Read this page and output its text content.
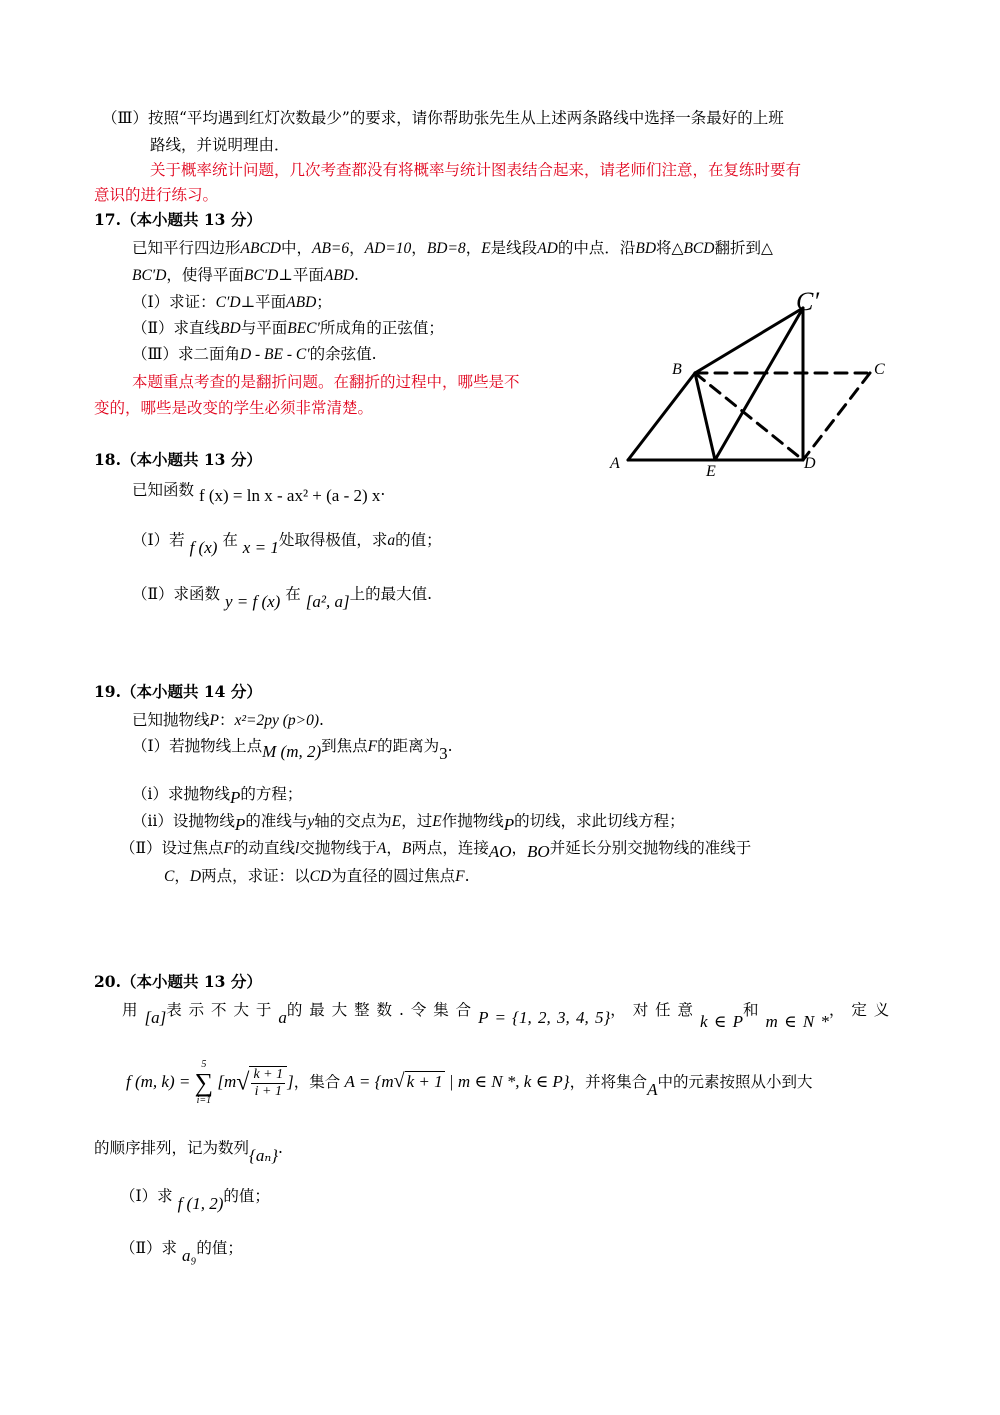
（Ⅲ）按照“平均遇到红灯次数最少”的要求，请你帮助张先生从上述两条路线中选择一条最好的上班
路线，并说明理由．
关于概率统计问题，几次考查都没有将概率与统计图表结合起来，请老师们注意，在复练时要有
意识的进行练习。
17.（本小题共 13 分）
已知平行四边形ABCD中，AB=6，AD=10，BD=8，E是线段AD的中点．沿BD将△BCD翻折到△
BC′D，使得平面BC′D⊥平面ABD.
（Ⅰ）求证：C′D⊥平面ABD；
（Ⅱ）求直线BD与平面BEC′所成角的正弦值；
（Ⅲ）求二面角D - BE - C′的余弦值.
本题重点考查的是翻折问题。在翻折的过程中，哪些是不
变的，哪些是改变的学生必须非常清楚。
A
B	C
C′
D
E
18.（本小题共 13 分）
已知函数 f (x) = ln x - ax² + (a - 2) x.
（Ⅰ）若 f (x) 在 x = 1处取得极值，求a的值；
（Ⅱ）求函数 y = f (x) 在 [a², a]上的最大值.
19.（本小题共 14 分）
已知抛物线P：x²=2py (p>0).
（Ⅰ）若抛物线上点M (m, 2)到焦点F的距离为3.
（ⅰ）求抛物线P的方程；
（ⅱ）设抛物线P的准线与y轴的交点为E，过E作抛物线P的切线，求此切线方程；
（Ⅱ）设过焦点F的动直线l交抛物线于A，B两点，连接AO，BO并延长分别交抛物线的准线于
C，D两点，求证：以CD为直径的圆过焦点F.
20.（本小题共 13 分）
用 [a]表 示 不 大 于 a的 最 大 整 数 . 令 集 合 P = {1, 2, 3, 4, 5}， 对 任 意 k ∈ P和 m ∈ N *， 定 义
f (m, k) =
5
∑
i=1
[$m√ \frac{k + 1}{i + 1}$ ]，集合 A = {m√ k + 1 | m ∈ N *, k ∈ P}，并将集合A中的元素按照从小到大
的顺序排列，记为数列{aₙ}.
（Ⅰ）求 f (1, 2)的值；
（Ⅱ）求 a₉的值；
